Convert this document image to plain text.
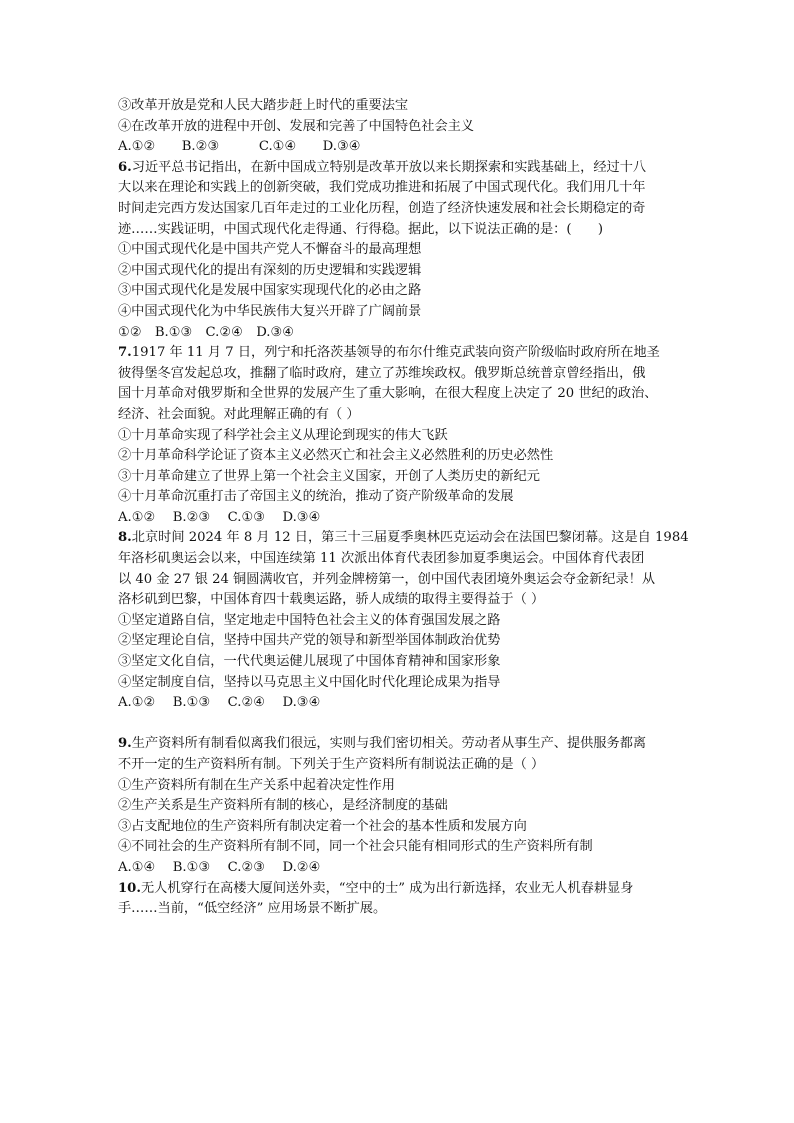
③改革开放是党和人民大踏步赶上时代的重要法宝
④在改革开放的进程中开创、发展和完善了中国特色社会主义
A.①②　　B.②③　　　C.①④　　D.③④
6.习近平总书记指出，在新中国成立特别是改革开放以来长期探索和实践基础上，经过十八
大以来在理论和实践上的创新突破，我们党成功推进和拓展了中国式现代化。我们用几十年
时间走完西方发达国家几百年走过的工业化历程，创造了经济快速发展和社会长期稳定的奇
迹……实践证明，中国式现代化走得通、行得稳。据此，以下说法正确的是：(　　)
①中国式现代化是中国共产党人不懈奋斗的最高理想
②中国式现代化的提出有深刻的历史逻辑和实践逻辑
③中国式现代化是发展中国家实现现代化的必由之路
④中国式现代化为中华民族伟大复兴开辟了广阔前景
①②　B.①③　C.②④　D.③④
7.1917 年 11 月 7 日，列宁和托洛茨基领导的布尔什维克武装向资产阶级临时政府所在地圣
彼得堡冬宫发起总攻，推翻了临时政府，建立了苏维埃政权。俄罗斯总统普京曾经指出，俄
国十月革命对俄罗斯和全世界的发展产生了重大影响，在很大程度上决定了 20 世纪的政治、
经济、社会面貌。对此理解正确的有（ ）
①十月革命实现了科学社会主义从理论到现实的伟大飞跃
②十月革命科学论证了资本主义必然灭亡和社会主义必然胜利的历史必然性
③十月革命建立了世界上第一个社会主义国家，开创了人类历史的新纪元
④十月革命沉重打击了帝国主义的统治，推动了资产阶级革命的发展
A.①②　 B.②③　 C.①③　 D.③④
8.北京时间 2024 年 8 月 12 日，第三十三届夏季奥林匹克运动会在法国巴黎闭幕。这是自 1984
年洛杉矶奥运会以来，中国连续第 11 次派出体育代表团参加夏季奥运会。中国体育代表团
以 40 金 27 银 24 铜圆满收官，并列金牌榜第一，创中国代表团境外奥运会夺金新纪录！从
洛杉矶到巴黎，中国体育四十载奥运路，骄人成绩的取得主要得益于（ ）
①坚定道路自信，坚定地走中国特色社会主义的体育强国发展之路
②坚定理论自信，坚持中国共产党的领导和新型举国体制政治优势
③坚定文化自信，一代代奥运健儿展现了中国体育精神和国家形象
④坚定制度自信，坚持以马克思主义中国化时代化理论成果为指导
A.①②　 B.①③　 C.②④　 D.③④
9.生产资料所有制看似离我们很远，实则与我们密切相关。劳动者从事生产、提供服务都离
不开一定的生产资料所有制。下列关于生产资料所有制说法正确的是（ ）
①生产资料所有制在生产关系中起着决定性作用
②生产关系是生产资料所有制的核心，是经济制度的基础
③占支配地位的生产资料所有制决定着一个社会的基本性质和发展方向
④不同社会的生产资料所有制不同，同一个社会只能有相同形式的生产资料所有制
A.①④　 B.①③　 C.②③　 D.②④
10.无人机穿行在高楼大厦间送外卖，“空中的士” 成为出行新选择，农业无人机春耕显身
手……当前，“低空经济” 应用场景不断扩展。
